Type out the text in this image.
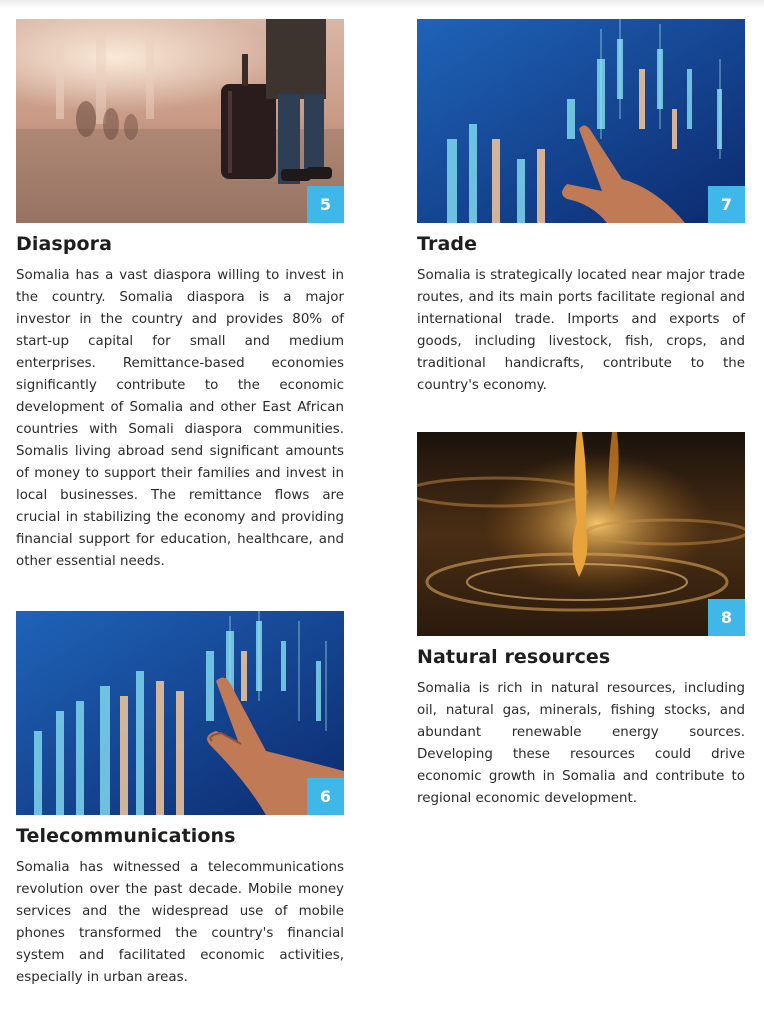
5
Diaspora

Somalia has a vast diaspora willing to invest in the country. Somalia diaspora is a major investor in the country and provides 80% of start-up capital for small and medium enterprises. Remittance-based economies significantly contribute to the economic development of Somalia and other East African countries with Somali diaspora communities. Somalis living abroad send significant amounts of money to support their families and invest in local businesses. The remittance flows are crucial in stabilizing the economy and providing financial support for education, healthcare, and other essential needs.

6
Telecommunications

Somalia has witnessed a telecommunications revolution over the past decade. Mobile money services and the widespread use of mobile phones transformed the country's financial system and facilitated economic activities, especially in urban areas.

7
Trade

Somalia is strategically located near major trade routes, and its main ports facilitate regional and international trade. Imports and exports of goods, including livestock, fish, crops, and traditional handicrafts, contribute to the country's economy.

8
Natural resources

Somalia is rich in natural resources, including oil, natural gas, minerals, fishing stocks, and abundant renewable energy sources. Developing these resources could drive economic growth in Somalia and contribute to regional economic development.
